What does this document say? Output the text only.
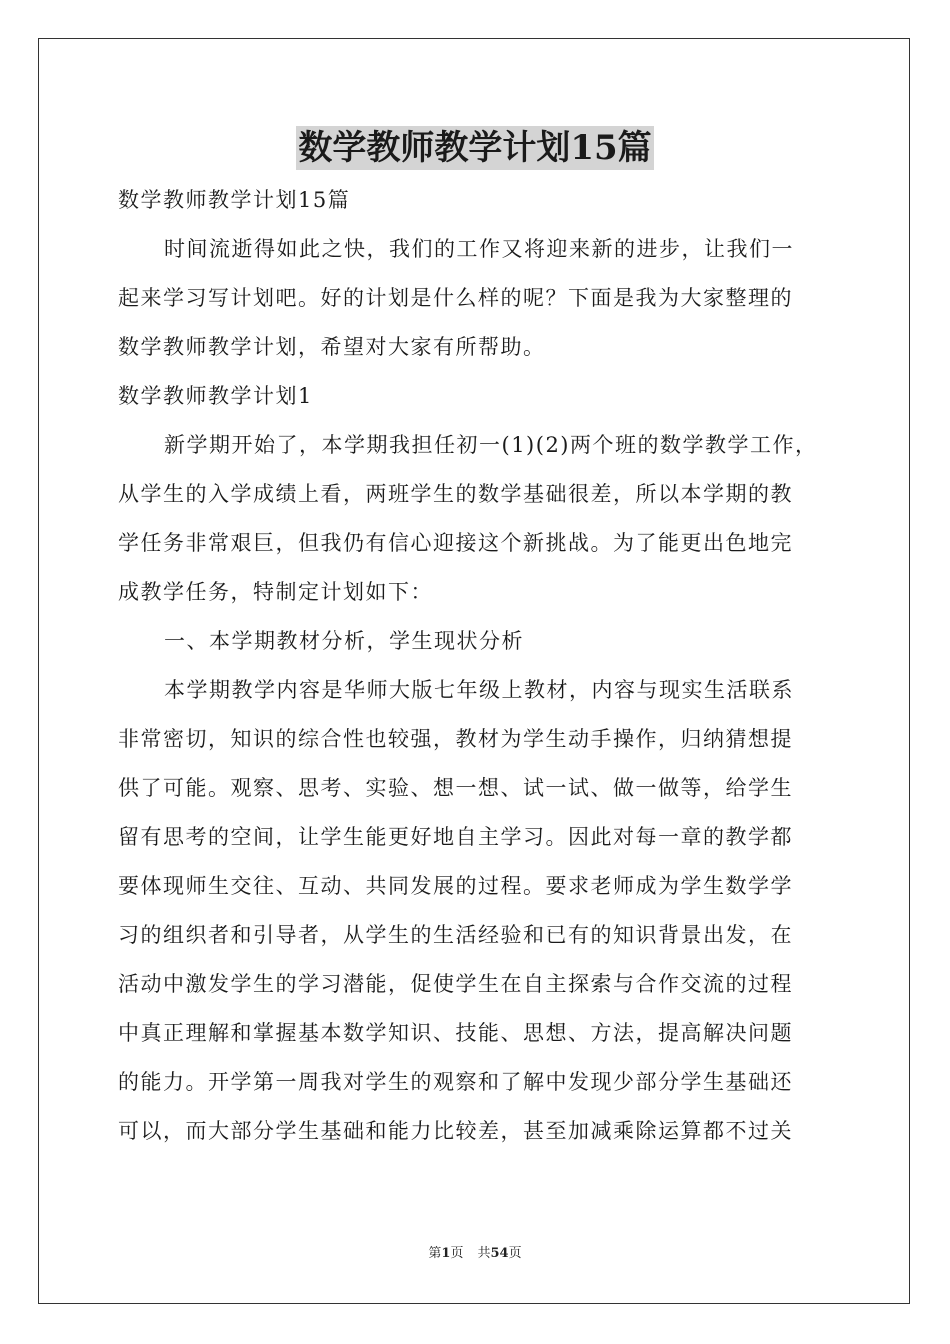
数学教师教学计划15篇
数学教师教学计划15篇
时间流逝得如此之快，我们的工作又将迎来新的进步，让我们一
起来学习写计划吧。好的计划是什么样的呢？下面是我为大家整理的
数学教师教学计划，希望对大家有所帮助。
数学教师教学计划1
新学期开始了，本学期我担任初一(1)(2)两个班的数学教学工作，
从学生的入学成绩上看，两班学生的数学基础很差，所以本学期的教
学任务非常艰巨，但我仍有信心迎接这个新挑战。为了能更出色地完
成教学任务，特制定计划如下：
一、本学期教材分析，学生现状分析
本学期教学内容是华师大版七年级上教材，内容与现实生活联系
非常密切，知识的综合性也较强，教材为学生动手操作，归纳猜想提
供了可能。观察、思考、实验、想一想、试一试、做一做等，给学生
留有思考的空间，让学生能更好地自主学习。因此对每一章的教学都
要体现师生交往、互动、共同发展的过程。要求老师成为学生数学学
习的组织者和引导者，从学生的生活经验和已有的知识背景出发，在
活动中激发学生的学习潜能，促使学生在自主探索与合作交流的过程
中真正理解和掌握基本数学知识、技能、思想、方法，提高解决问题
的能力。开学第一周我对学生的观察和了解中发现少部分学生基础还
可以，而大部分学生基础和能力比较差，甚至加减乘除运算都不过关
第1页 共54页
